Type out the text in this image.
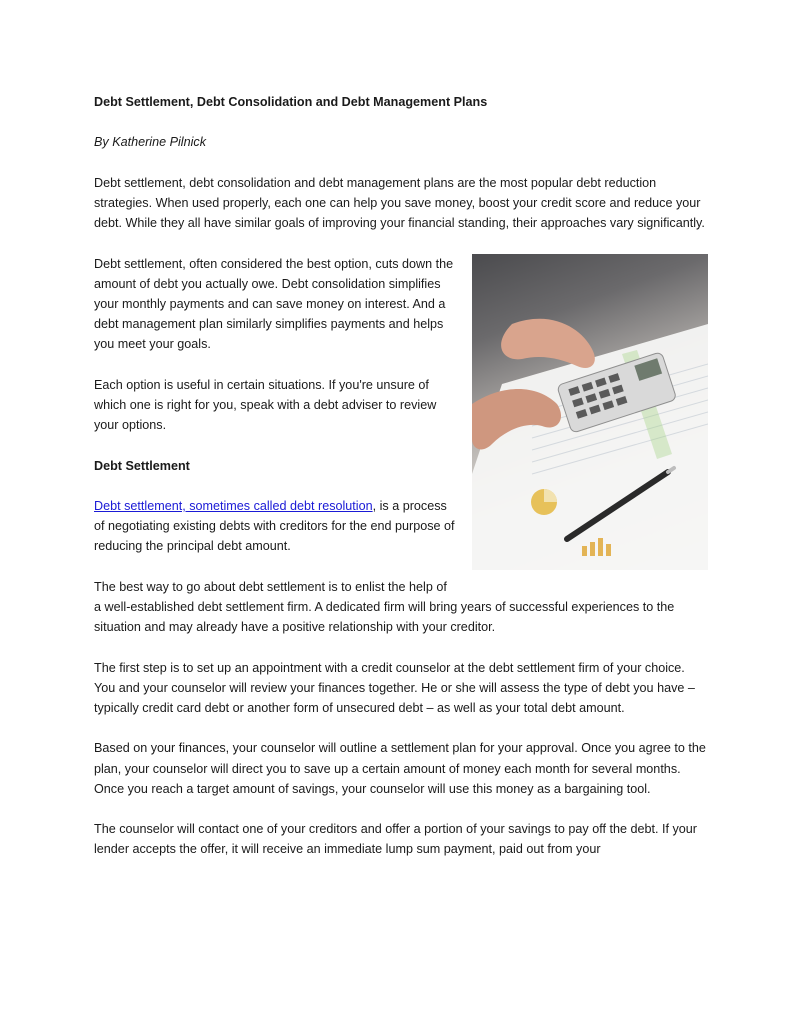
Debt Settlement, Debt Consolidation and Debt Management Plans

By Katherine Pilnick

Debt settlement, debt consolidation and debt management plans are the most popular debt reduction strategies. When used properly, each one can help you save money, boost your credit score and reduce your debt. While they all have similar goals of improving your financial standing, their approaches vary significantly.

Debt settlement, often considered the best option, cuts down the amount of debt you actually owe. Debt consolidation simplifies your monthly payments and can save money on interest. And a debt management plan similarly simplifies payments and helps you meet your goals.

Each option is useful in certain situations. If you're unsure of which one is right for you, speak with a debt adviser to review your options.

Debt Settlement

Debt settlement, sometimes called debt resolution, is a process of negotiating existing debts with creditors for the end purpose of reducing the principal debt amount.

The best way to go about debt settlement is to enlist the help of a well-established debt settlement firm. A dedicated firm will bring years of successful experiences to the situation and may already have a positive relationship with your creditor.

The first step is to set up an appointment with a credit counselor at the debt settlement firm of your choice. You and your counselor will review your finances together. He or she will assess the type of debt you have – typically credit card debt or another form of unsecured debt – as well as your total debt amount.

Based on your finances, your counselor will outline a settlement plan for your approval. Once you agree to the plan, your counselor will direct you to save up a certain amount of money each month for several months. Once you reach a target amount of savings, your counselor will use this money as a bargaining tool.

The counselor will contact one of your creditors and offer a portion of your savings to pay off the debt. If your lender accepts the offer, it will receive an immediate lump sum payment, paid out from your
